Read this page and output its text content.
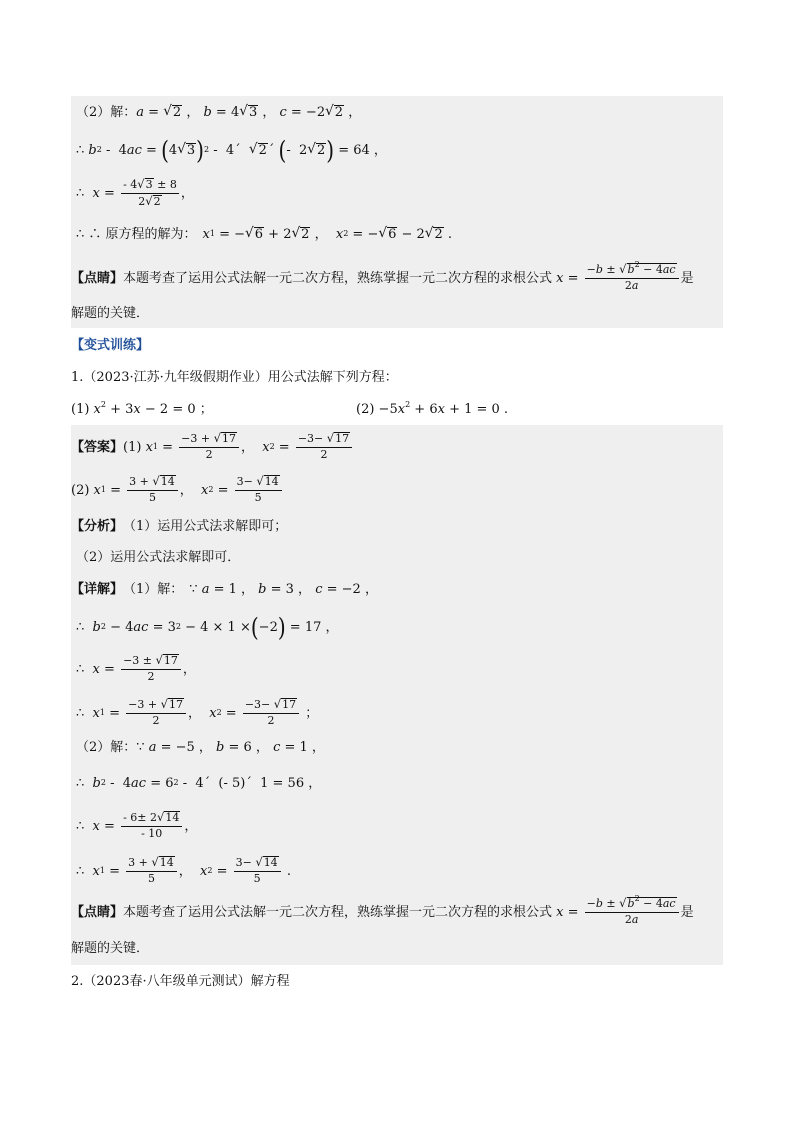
（2）解： a = √ 2 ， b = 4 √ 3 ， c = −2 √ 2 ，
∴ b 2 -  4 ac = ( 4 √ 3 ) 2 -  4´ √ 2 ´ ( -  2 √ 2 ) = 64 ，
∴ $x = \frac{- 4 √ 3 \pm 8}{2 √ 2}$ ，
∴ ∴ 原方程的解为： x 1 = − √ 6 + 2 √ 2 ， x 2 = − √ 6 − 2 √ 2 .
【点睛】 本题考查了运用公式法解一元二次方程，熟练掌握一元二次方程的求根公式 $x = \frac{-b \pm √ b^2 - 4ac}{2a}$ 是
解题的关键．
【变式训练】
1.（2023·江苏·九年级假期作业）用公式法解下列方程：
(1) $x^2 + 3x - 2 = 0$ ；	$(2) -5x^2 + 6x + 1 = 0$ .
【答案】 (1) x $1 = \frac{-3 + √ 17}{2}$ ， x $2 = \frac{-3- √ 17}{2}$
(2) x $1 = \frac{3 + √ 14}{5}$ ， x $2 = \frac{3- √ 14}{5}$
【分析】 （1）运用公式法求解即可；
（2）运用公式法求解即可．
【详解】 （1）解： ∵ a = 1 ， b = 3 ， c = −2 ，
∴ b 2 − 4 ac = 3 2 − 4 × 1 × ( −2 ) = 17 ，
∴ $x = \frac{-3 \pm √ 17}{2}$ ，
∴ x $1 = \frac{-3 + √ 17}{2}$ ， x $2 = \frac{-3- √ 17}{2}$ ；
（2）解： ∵ a = −5 ， b = 6 ， c = 1 ，
∴ b 2 -  4 ac = 6 2 -  4´  (- 5)´  1 = 56 ，
∴ $x = \frac{- 6\pm 2 √ 14}{- 10}$ ，
∴ x $1 = \frac{3 + √ 14}{5}$ ， x $2 = \frac{3- √ 14}{5}$ .
【点睛】 本题考查了运用公式法解一元二次方程，熟练掌握一元二次方程的求根公式 $x = \frac{-b \pm √ b^2 - 4ac}{2a}$ 是
解题的关键．
2.（2023春·八年级单元测试）解方程
